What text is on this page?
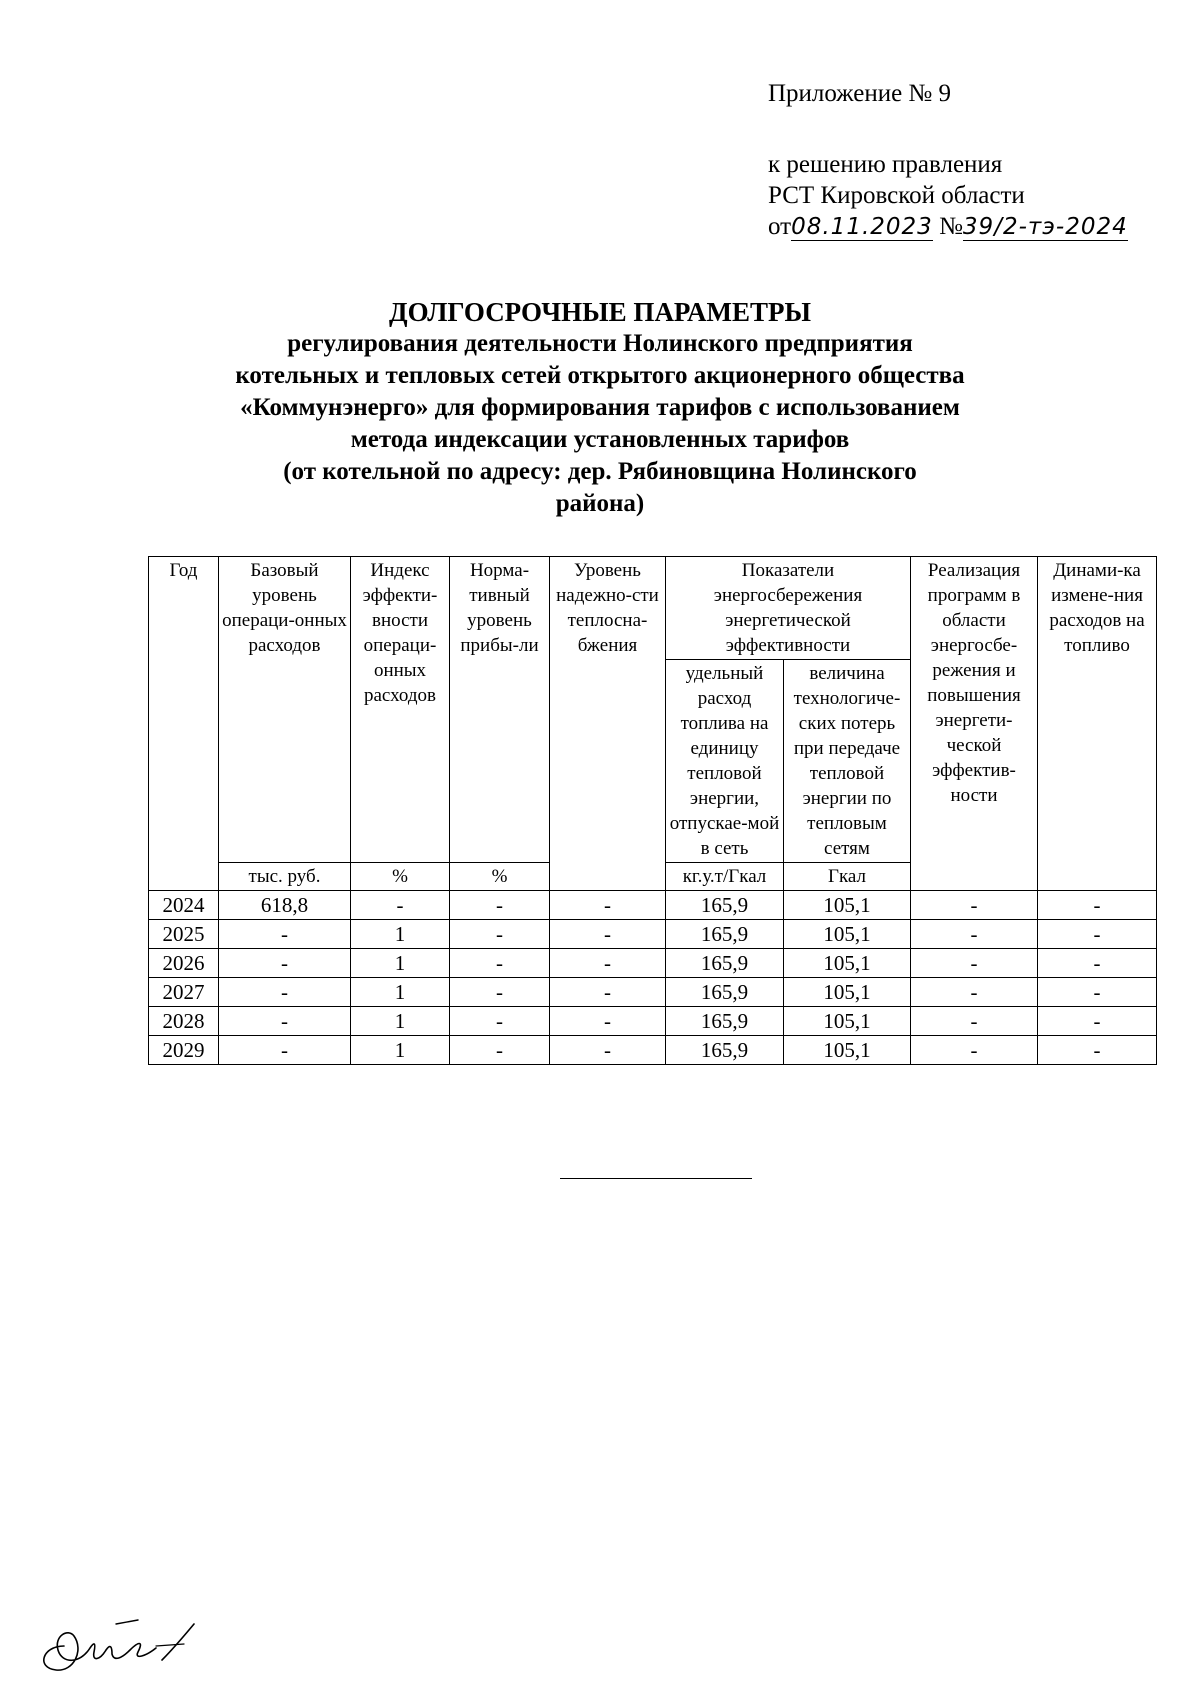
Приложение № 9
к решению правления
РСТ Кировской области
от08.11.2023 №39/2-тэ-2024
ДОЛГОСРОЧНЫЕ ПАРАМЕТРЫ
регулирования деятельности Нолинского предприятия
котельных и тепловых сетей открытого акционерного общества
«Коммунэнерго» для формирования тарифов с использованием
метода индексации установленных тарифов
(от котельной по адресу: дер. Рябиновщина Нолинского
района)
Год	Базовый уровень операци-онных расходов	Индекс эффекти-вности операци-онных расходов	Норма-тивный уровень прибы-ли	Уровень надежно-сти теплосна-бжения	Показатели энергосбережения энергетической эффективности		Реализация программ в области энергосбе-режения и повышения энергети-ческой эффектив-ности	Динами-ка измене-ния расходов на топливо
					удельный расход топлива на единицу тепловой энергии, отпускае-мой в сеть	величина технологиче-ских потерь при передаче тепловой энергии по тепловым сетям		
	тыс. руб.	%	%		кг.у.т/Гкал	Гкал		
2024	618,8	-	-	-	165,9	105,1	-	-
2025	-	1	-	-	165,9	105,1	-	-
2026	-	1	-	-	165,9	105,1	-	-
2027	-	1	-	-	165,9	105,1	-	-
2028	-	1	-	-	165,9	105,1	-	-
2029	-	1	-	-	165,9	105,1	-	-
